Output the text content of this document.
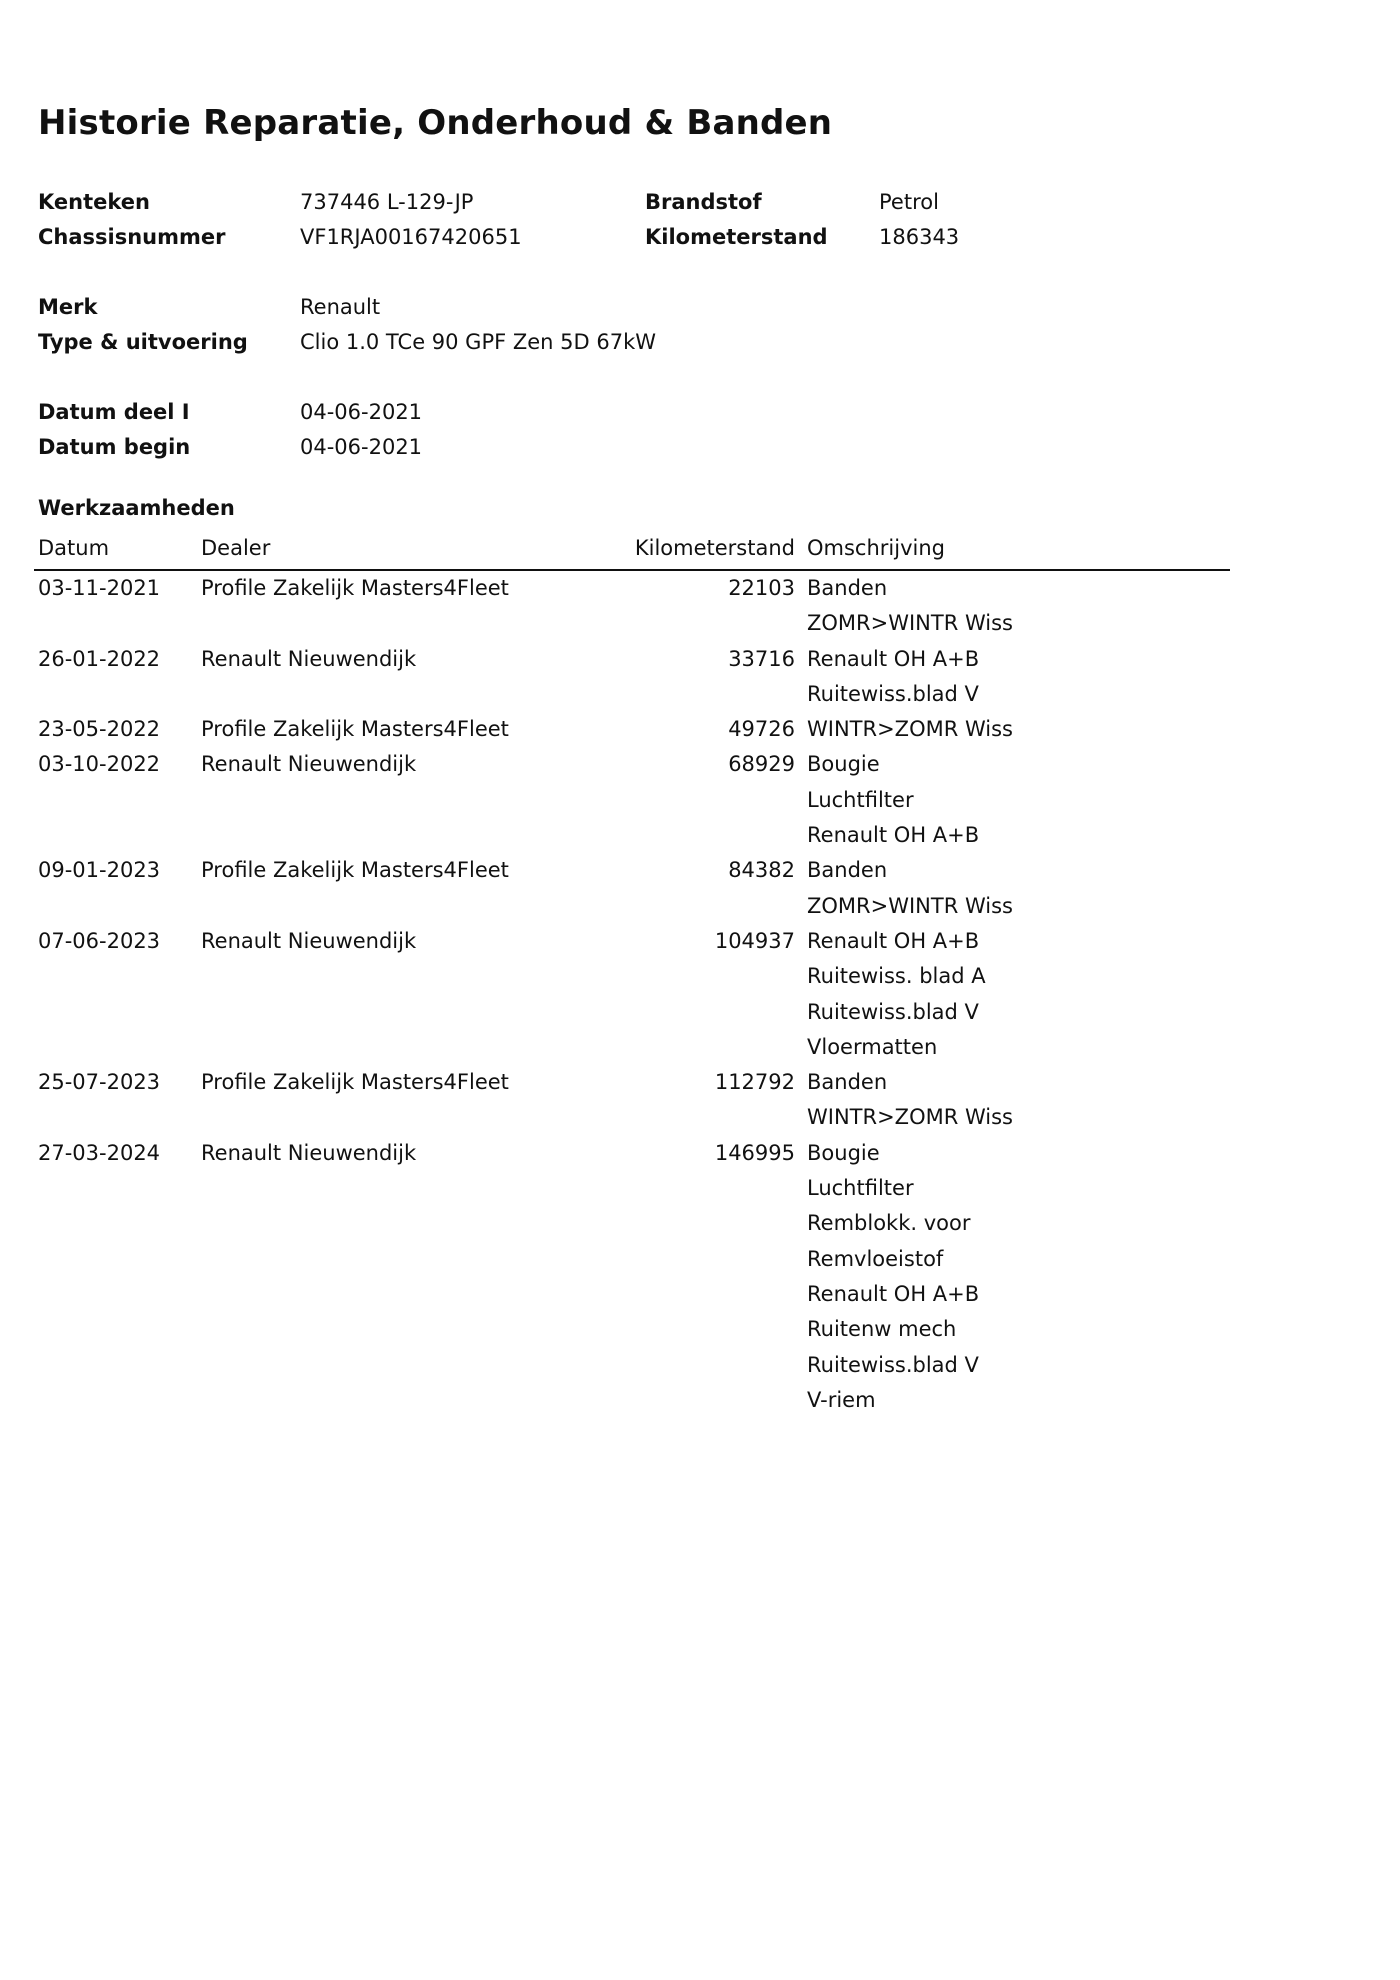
Historie Reparatie, Onderhoud & Banden
Kenteken	737446 L-129-JP
Chassisnummer	VF1RJA00167420651
Brandstof	Petrol
Kilometerstand 186343
Merk	Renault
Type & uitvoering Clio 1.0 TCe 90 GPF Zen 5D 67kW
Datum deel I	04-06-2021
Datum begin	04-06-2021
Werkzaamheden
Datum	Dealer	Kilometerstand Omschrijving
03-11-2021 Profile Zakelijk Masters4Fleet	22103 Banden
ZOMR>WINTR Wiss
26-01-2022 Renault Nieuwendijk	33716 Renault OH A+B
Ruitewiss.blad V
23-05-2022 Profile Zakelijk Masters4Fleet	49726 WINTR>ZOMR Wiss
03-10-2022 Renault Nieuwendijk	68929 Bougie
Luchtfilter
Renault OH A+B
09-01-2023 Profile Zakelijk Masters4Fleet	84382 Banden
ZOMR>WINTR Wiss
07-06-2023 Renault Nieuwendijk	104937 Renault OH A+B
Ruitewiss. blad A
Ruitewiss.blad V
Vloermatten
25-07-2023 Profile Zakelijk Masters4Fleet	112792 Banden
WINTR>ZOMR Wiss
27-03-2024 Renault Nieuwendijk	146995 Bougie
Luchtfilter
Remblokk. voor
Remvloeistof
Renault OH A+B
Ruitenw mech
Ruitewiss.blad V
V-riem
